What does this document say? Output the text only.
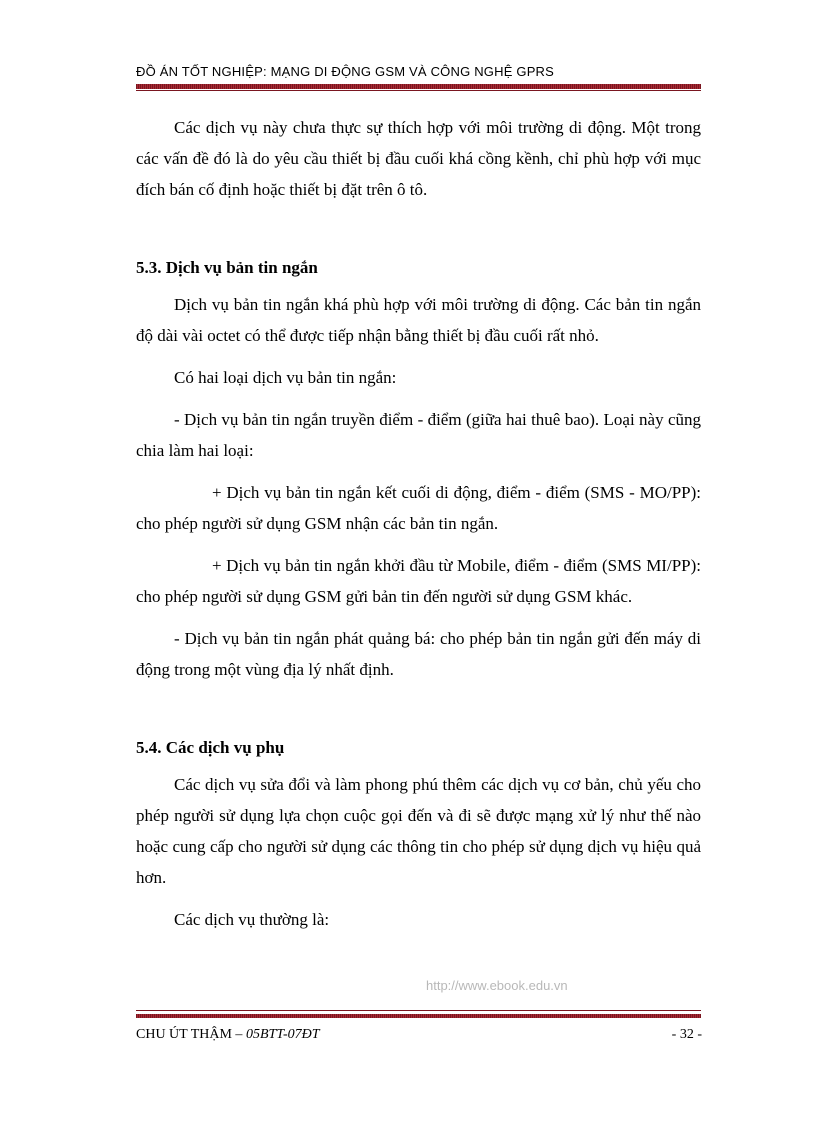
ĐỒ ÁN TỐT NGHIỆP: MẠNG DI ĐỘNG GSM VÀ CÔNG NGHỆ GPRS

Các dịch vụ này chưa thực sự thích hợp với môi trường di động. Một trong các vấn đề đó là do yêu cầu thiết bị đầu cuối khá cồng kềnh, chỉ phù hợp với mục đích bán cố định hoặc thiết bị đặt trên ô tô.

5.3. Dịch vụ bản tin ngắn

Dịch vụ bản tin ngắn khá phù hợp với môi trường di động. Các bản tin ngắn độ dài vài octet có thể được tiếp nhận bằng thiết bị đầu cuối rất nhỏ.

Có hai loại dịch vụ bản tin ngắn:

- Dịch vụ bản tin ngắn truyền điểm - điểm (giữa hai thuê bao). Loại này cũng chia làm hai loại:

+ Dịch vụ bản tin ngắn kết cuối di động, điểm - điểm (SMS - MO/PP): cho phép người sử dụng GSM nhận các bản tin ngắn.

+ Dịch vụ bản tin ngắn khởi đầu từ Mobile, điểm - điểm (SMS MI/PP): cho phép người sử dụng GSM gửi bản tin đến người sử dụng GSM khác.

- Dịch vụ bản tin ngắn phát quảng bá: cho phép bản tin ngắn gửi đến máy di động trong một vùng địa lý nhất định.

5.4. Các dịch vụ phụ

Các dịch vụ sửa đổi và làm phong phú thêm các dịch vụ cơ bản, chủ yếu cho phép người sử dụng lựa chọn cuộc gọi đến và đi sẽ được mạng xử lý như thế nào hoặc cung cấp cho người sử dụng các thông tin cho phép sử dụng dịch vụ hiệu quả hơn.

Các dịch vụ thường là:

http://www.ebook.edu.vn
CHU ÚT THẬM – 05BTT-07ĐT	- 32 -
